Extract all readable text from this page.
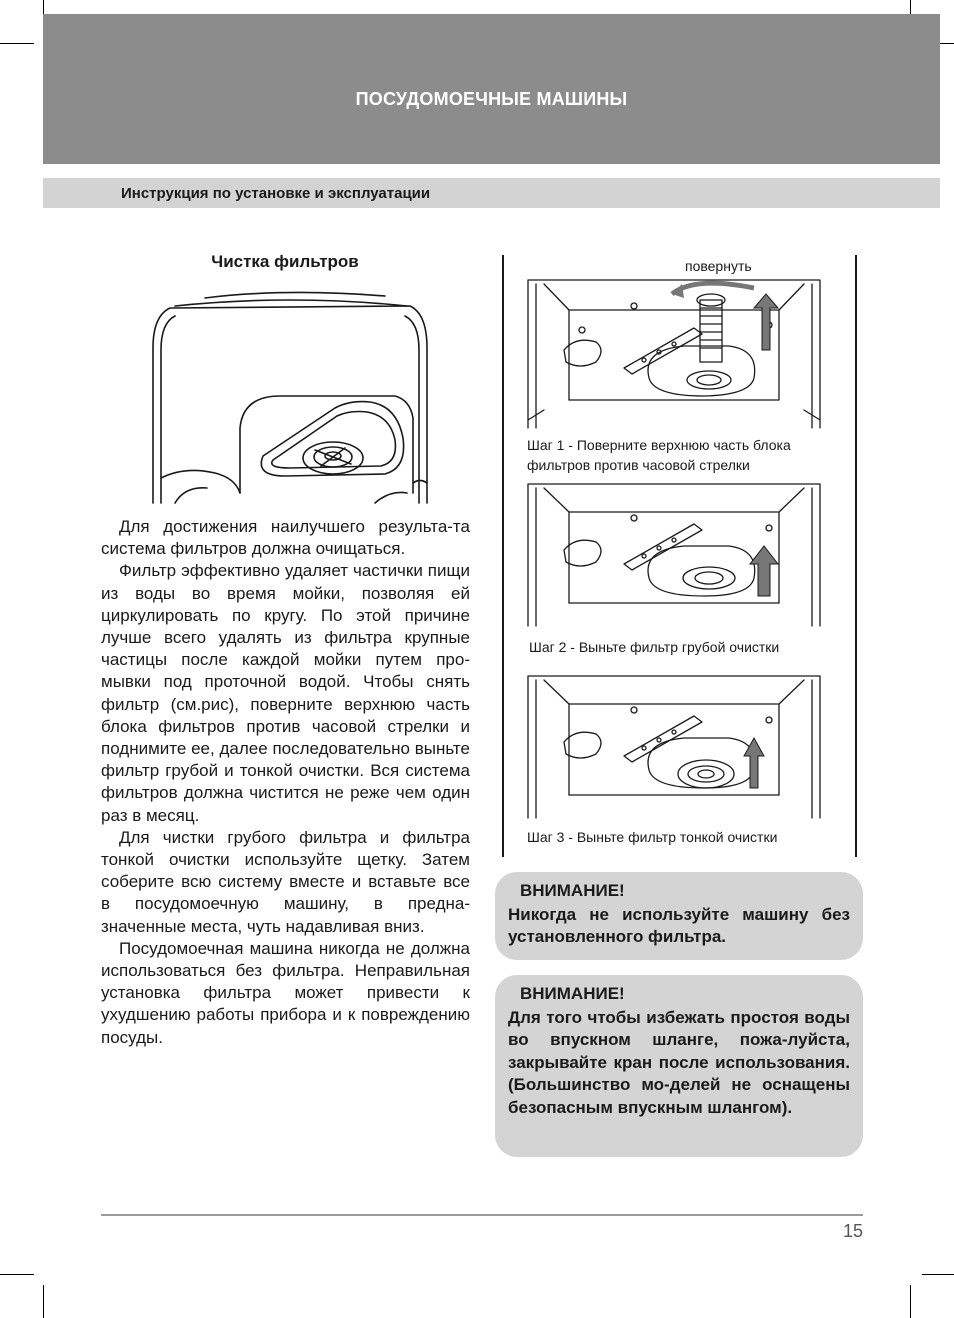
ПОСУДОМОЕЧНЫЕ МАШИНЫ
Инструкция по установке и эксплуатации
Чистка фильтров

Для достижения наилучшего результа-та система фильтров должна очищаться.

Фильтр эффективно удаляет частички пищи из воды во время мойки, позволяя ей циркулировать по кругу. По этой причине лучше всего удалять из фильтра крупные частицы после каждой мойки путем про-мывки под проточной водой. Чтобы снять фильтр (см.рис), поверните верхнюю часть блока фильтров против часовой стрелки и поднимите ее, далее последовательно выньте фильтр грубой и тонкой очистки. Вся система фильтров должна чистится не реже чем один раз в месяц.

Для чистки грубого фильтра и фильтра тонкой очистки используйте щетку. Затем соберите всю систему вместе и вставьте все в посудомоечную машину, в предна-значенные места, чуть надавливая вниз.

Посудомоечная машина никогда не должна использоваться без фильтра. Неправильная установка фильтра может привести к ухудшению работы прибора и к повреждению посуды.

повернуть
Шаг 1 - Поверните верхнюю часть блока
фильтров против часовой стрелки
Шаг 2 - Выньте фильтр грубой очистки
Шаг 3 - Выньте фильтр тонкой очистки
ВНИМАНИЕ!
Никогда не используйте машину без установленного фильтра.
ВНИМАНИЕ!
Для того чтобы избежать простоя воды во впускном шланге, пожа-луйста, закрывайте кран после использования. (Большинство мо-делей не оснащены безопасным впускным шлангом).
15
